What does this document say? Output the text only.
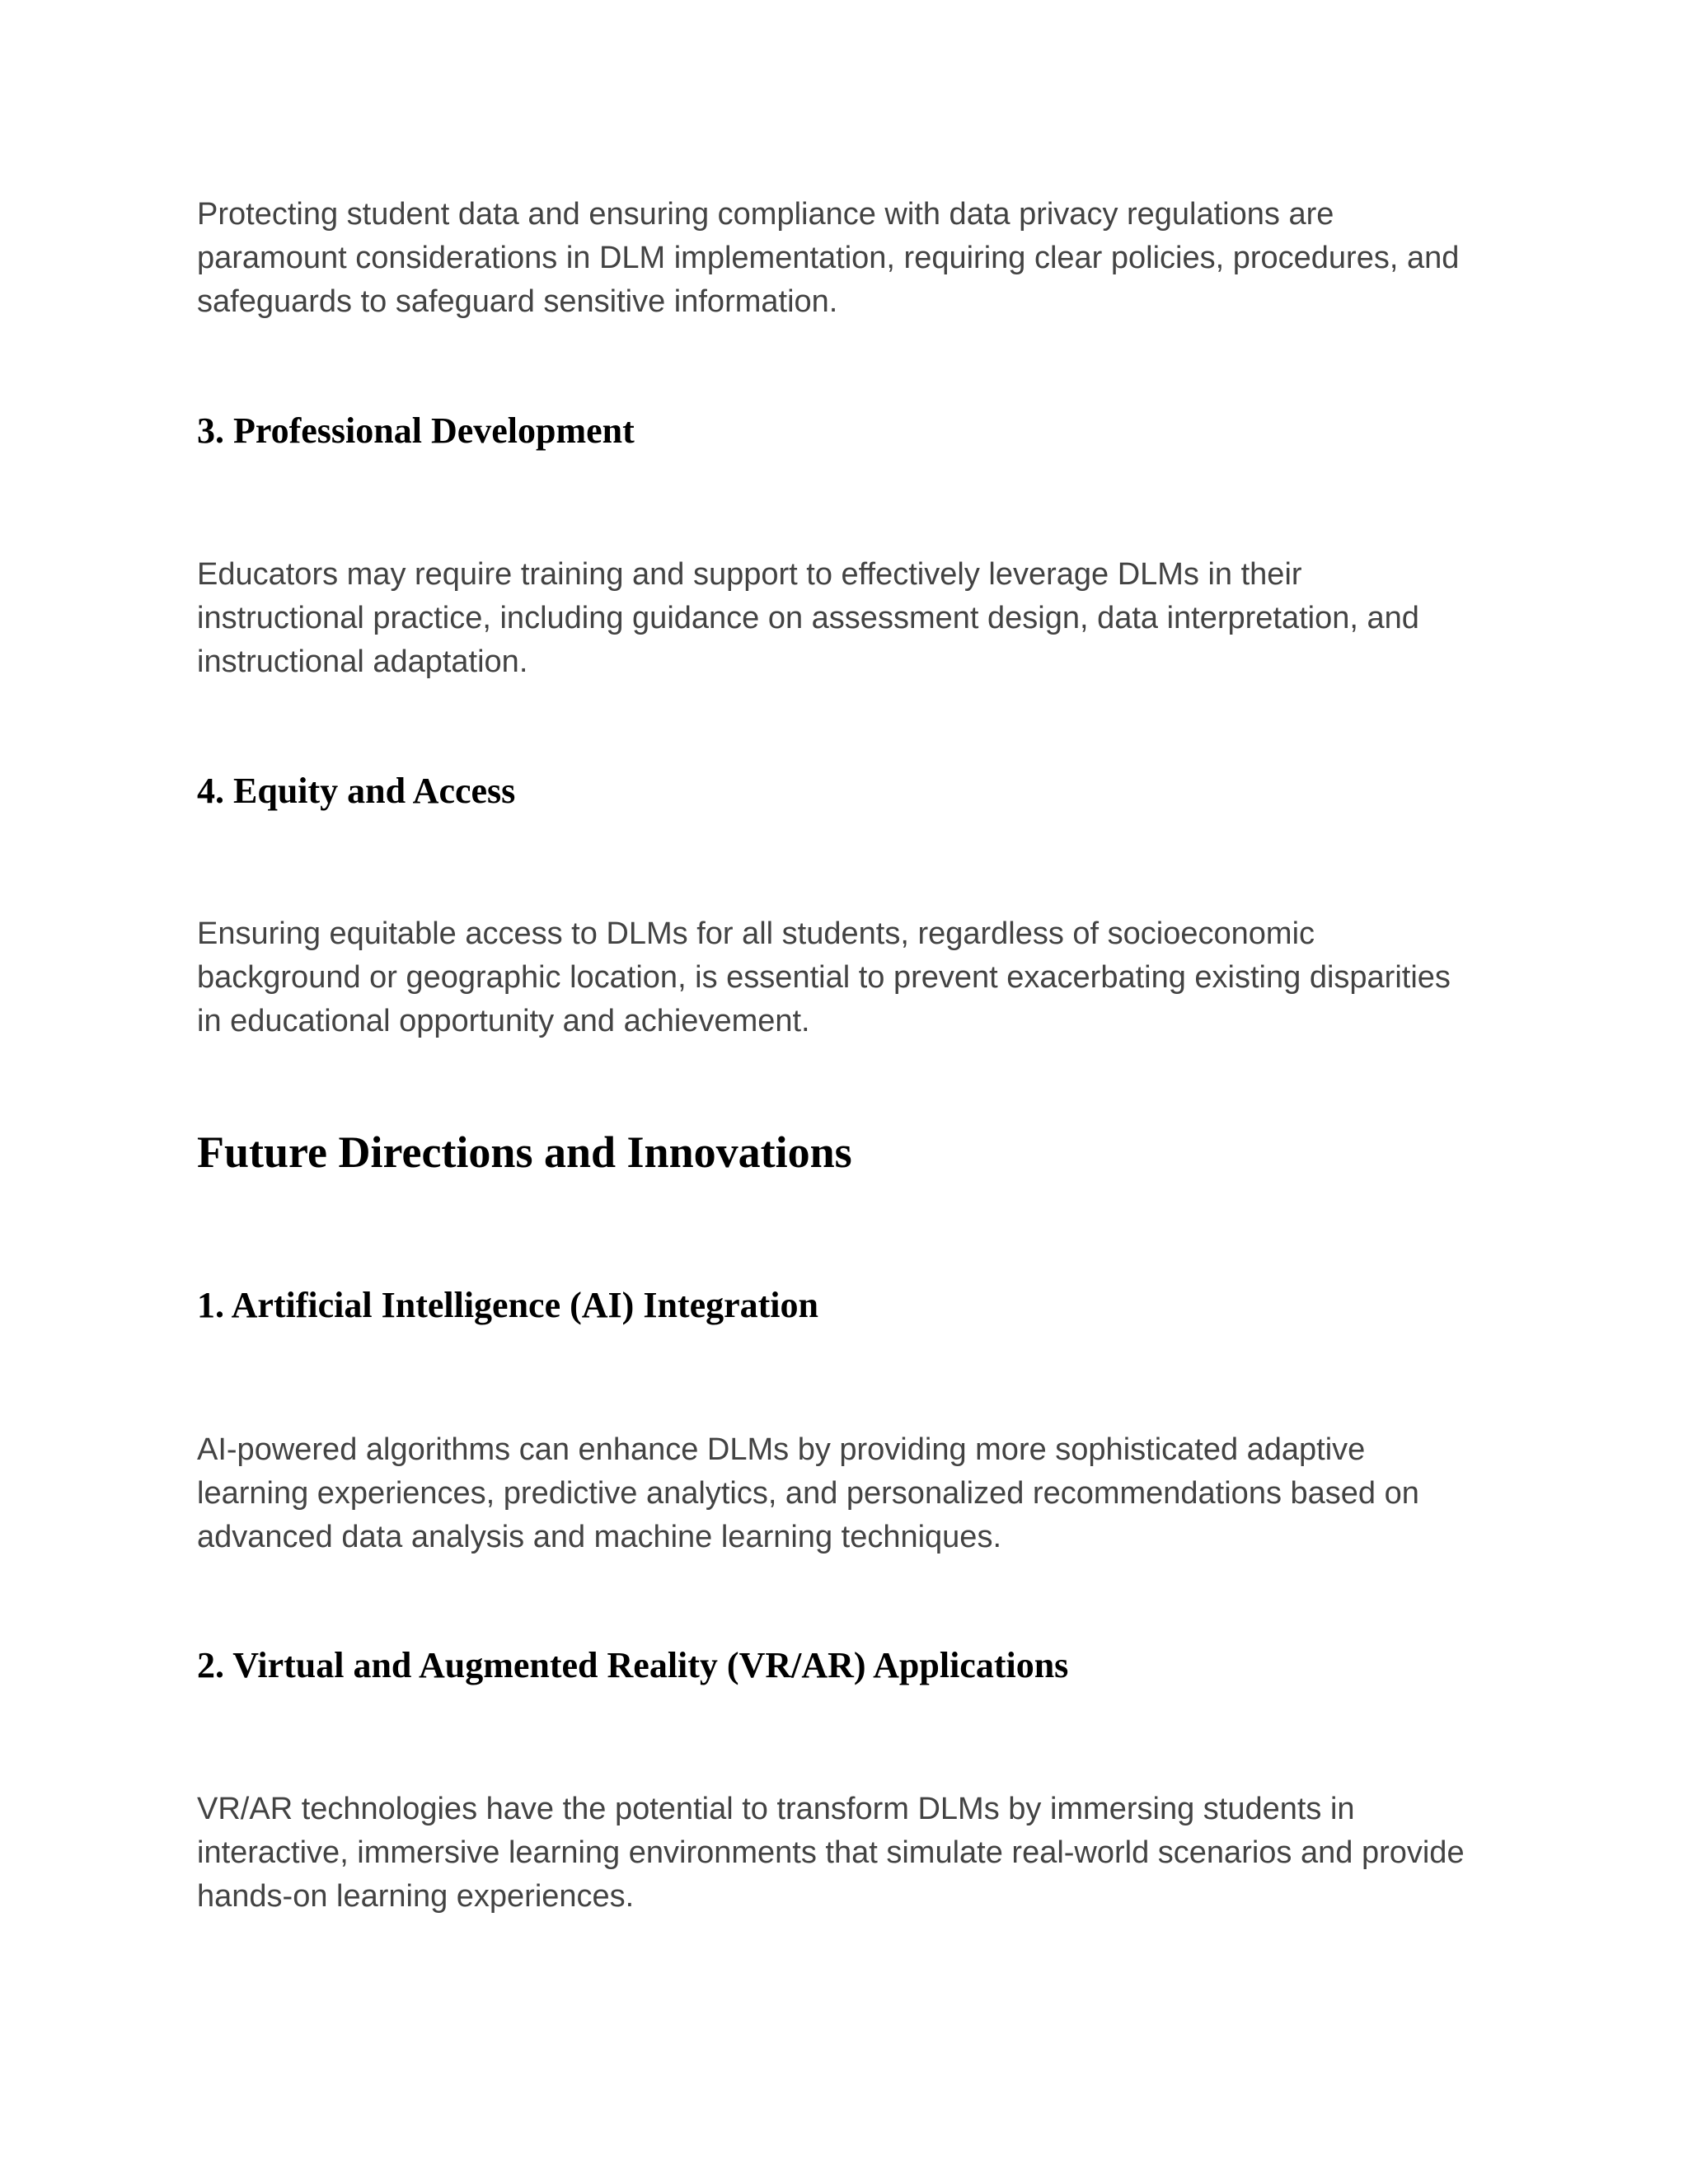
Protecting student data and ensuring compliance with data privacy regulations are
paramount considerations in DLM implementation, requiring clear policies, procedures, and
safeguards to safeguard sensitive information.

3. Professional Development

Educators may require training and support to effectively leverage DLMs in their
instructional practice, including guidance on assessment design, data interpretation, and
instructional adaptation.

4. Equity and Access

Ensuring equitable access to DLMs for all students, regardless of socioeconomic
background or geographic location, is essential to prevent exacerbating existing disparities
in educational opportunity and achievement.

Future Directions and Innovations
1. Artificial Intelligence (AI) Integration

AI-powered algorithms can enhance DLMs by providing more sophisticated adaptive
learning experiences, predictive analytics, and personalized recommendations based on
advanced data analysis and machine learning techniques.

2. Virtual and Augmented Reality (VR/AR) Applications

VR/AR technologies have the potential to transform DLMs by immersing students in
interactive, immersive learning environments that simulate real-world scenarios and provide
hands-on learning experiences.
